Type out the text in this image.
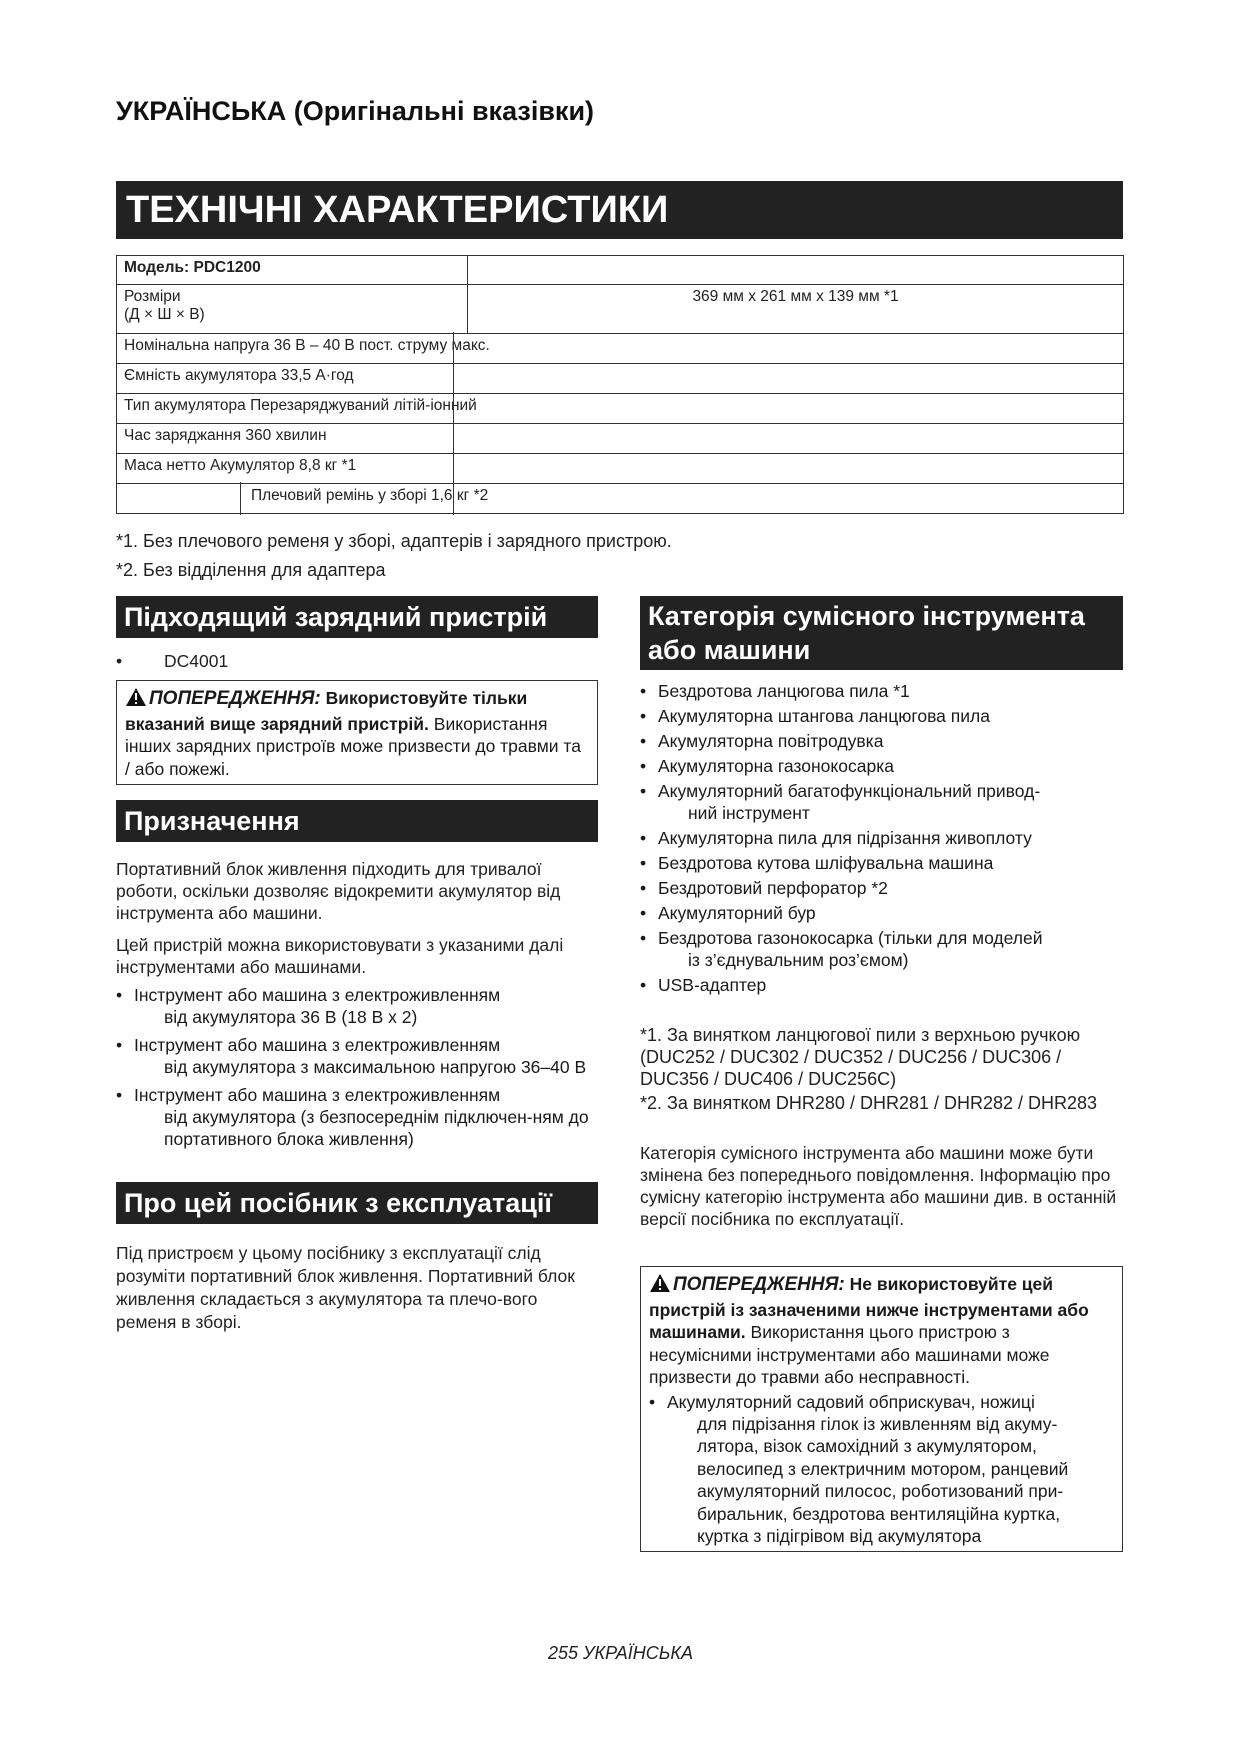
УКРАЇНСЬКА (Оригінальні вказівки)
ТЕХНІЧНІ ХАРАКТЕРИСТИКИ
Модель: PDC1200	

Розміри
(Д × Ш × В)	369 мм x 261 мм x 139 мм *1
Номінальна напруга 36 В – 40 В пост. струму макс.	

Ємність акумулятора 33,5 А·год	

Тип акумулятора Перезаряджуваний літій-іонний	

Час заряджання 360 хвилин	

Маса нетто Акумулятор 8,8 кг *1	

Плечовий ремінь у зборі 1,6 кг *2	
*1. Без плечового ременя у зборі, адаптерів і зарядного пристрою.
*2. Без відділення для адаптера
Підходящий зарядний пристрій
• DC4001
ПОПЕРЕДЖЕННЯ: Використовуйте тільки вказаний вище зарядний пристрій. Використання інших зарядних пристроїв може призвести до травми та / або пожежі.
Призначення
Портативний блок живлення підходить для тривалої роботи, оскільки дозволяє відокремити акумулятор від інструмента або машини.
Цей пристрій можна використовувати з указаними далі інструментами або машинами.
• Інструмент або машина з електроживленням
від акумулятора 36 В (18 В x 2)
• Інструмент або машина з електроживленням
від акумулятора з максимальною напругою 36–40 В
• Інструмент або машина з електроживленням
від акумулятора (з безпосереднім підключен-ням до портативного блока живлення)
Про цей посібник з експлуатації
Під пристроєм у цьому посібнику з експлуатації слід розуміти портативний блок живлення. Портативний блок живлення складається з акумулятора та плечо-вого ременя в зборі.
Категорія сумісного інструмента
або машини
• Бездротова ланцюгова пила *1
• Акумуляторна штангова ланцюгова пила
• Акумуляторна повітродувка
• Акумуляторна газонокосарка
• Акумуляторний багатофункціональний привод-
ний інструмент
• Акумуляторна пила для підрізання живоплоту
• Бездротова кутова шліфувальна машина
• Бездротовий перфоратор *2
• Акумуляторний бур
• Бездротова газонокосарка (тільки для моделей
із з’єднувальним роз’ємом)
• USB-адаптер
*1. За винятком ланцюгової пили з верхньою ручкою (DUC252 / DUC302 / DUC352 / DUC256 / DUC306 / DUC356 / DUC406 / DUC256C)
*2. За винятком DHR280 / DHR281 / DHR282 / DHR283
Категорія сумісного інструмента або машини може бути змінена без попереднього повідомлення. Інформацію про сумісну категорію інструмента або машини див. в останній версії посібника по експлуатації.
ПОПЕРЕДЖЕННЯ: Не використовуйте цей пристрій із зазначеними нижче інструментами або машинами. Використання цього пристрою з несумісними інструментами або машинами може призвести до травми або несправності.
• Акумуляторний садовий обприскувач, ножиці
для підрізання гілок із живленням від акуму-лятора, візок самохідний з акумулятором, велосипед з електричним мотором, ранцевий акумуляторний пилосос, роботизований при-биральник, бездротова вентиляційна куртка, куртка з підігрівом від акумулятора
255 УКРАЇНСЬКА
